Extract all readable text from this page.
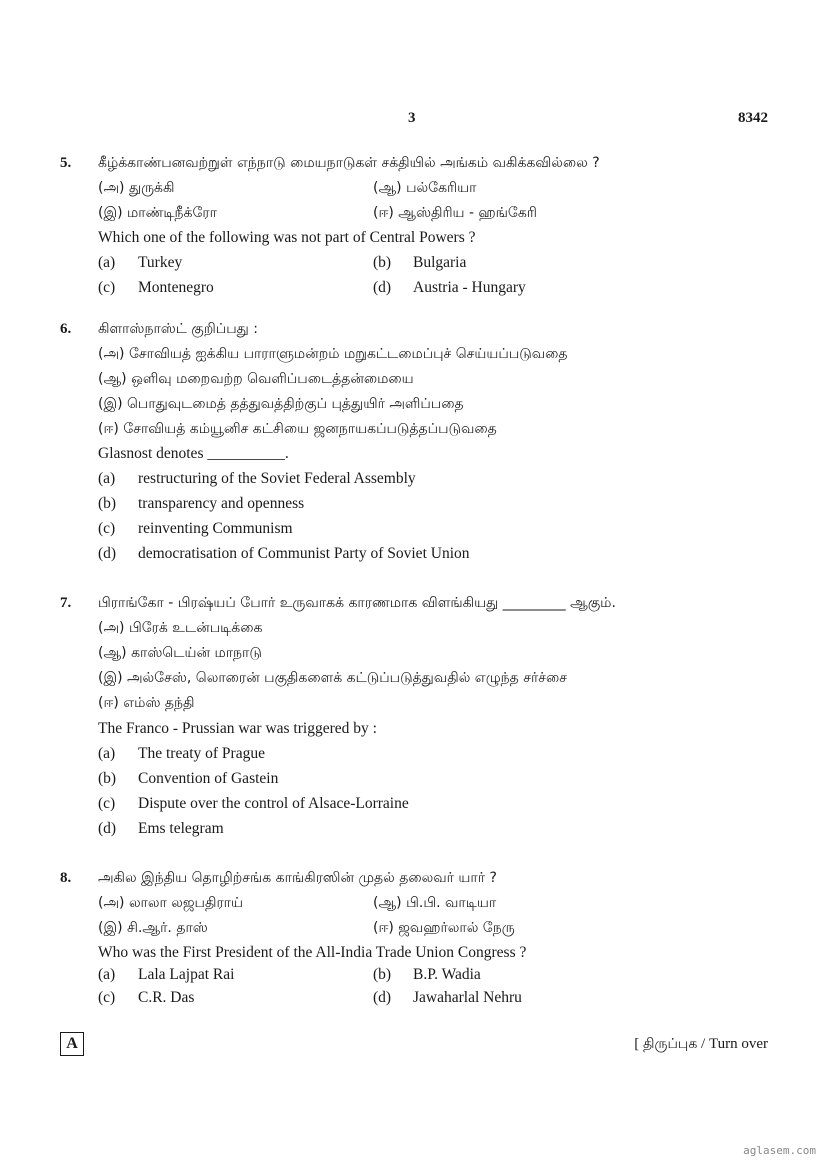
3	8342
5. கீழ்க்காண்பனவற்றுள் எந்நாடு மையநாடுகள் சக்தியில் அங்கம் வகிக்கவில்லை ?
(அ) துருக்கி	(ஆ) பல்கேரியா
(இ) மாண்டிநீக்ரோ	(ஈ) ஆஸ்திரிய - ஹங்கேரி
Which one of the following was not part of Central Powers ?
(a) Turkey	(b) Bulgaria
(c) Montenegro	(d) Austria - Hungary
6. கிளாஸ்நாஸ்ட் குறிப்பது :
(அ) சோவியத் ஐக்கிய பாராளுமன்றம் மறுகட்டமைப்புச் செய்யப்படுவதை
(ஆ) ஒளிவு மறைவற்ற வெளிப்படைத்தன்மையை
(இ) பொதுவுடமைத் தத்துவத்திற்குப் புத்துயிர் அளிப்பதை
(ஈ) சோவியத் கம்யூனிச கட்சியை ஜனநாயகப்படுத்தப்படுவதை
Glasnost denotes __________.
(a) restructuring of the Soviet Federal Assembly
(b) transparency and openness
(c) reinventing Communism
(d) democratisation of Communist Party of Soviet Union
7. பிராங்கோ - பிரஷ்யப் போர் உருவாகக் காரணமாக விளங்கியது _________ ஆகும்.
(அ) பிரேக் உடன்படிக்கை
(ஆ) காஸ்டெய்ன் மாநாடு
(இ) அல்சேஸ், லொரைன் பகுதிகளைக் கட்டுப்படுத்துவதில் எழுந்த சர்ச்சை
(ஈ) எம்ஸ் தந்தி
The Franco - Prussian war was triggered by :
(a) The treaty of Prague
(b) Convention of Gastein
(c) Dispute over the control of Alsace-Lorraine
(d) Ems telegram
8. அகில இந்திய தொழிற்சங்க காங்கிரஸின் முதல் தலைவர் யார் ?
(அ) லாலா லஜபதிராய்	(ஆ) பி.பி. வாடியா
(இ) சி.ஆர். தாஸ்	(ஈ) ஜவஹர்லால் நேரு
Who was the First President of the All-India Trade Union Congress ?
(a) Lala Lajpat Rai	(b) B.P. Wadia
(c) C.R. Das	(d) Jawaharlal Nehru
A	[ திருப்புக / Turn over
aglasem.com
